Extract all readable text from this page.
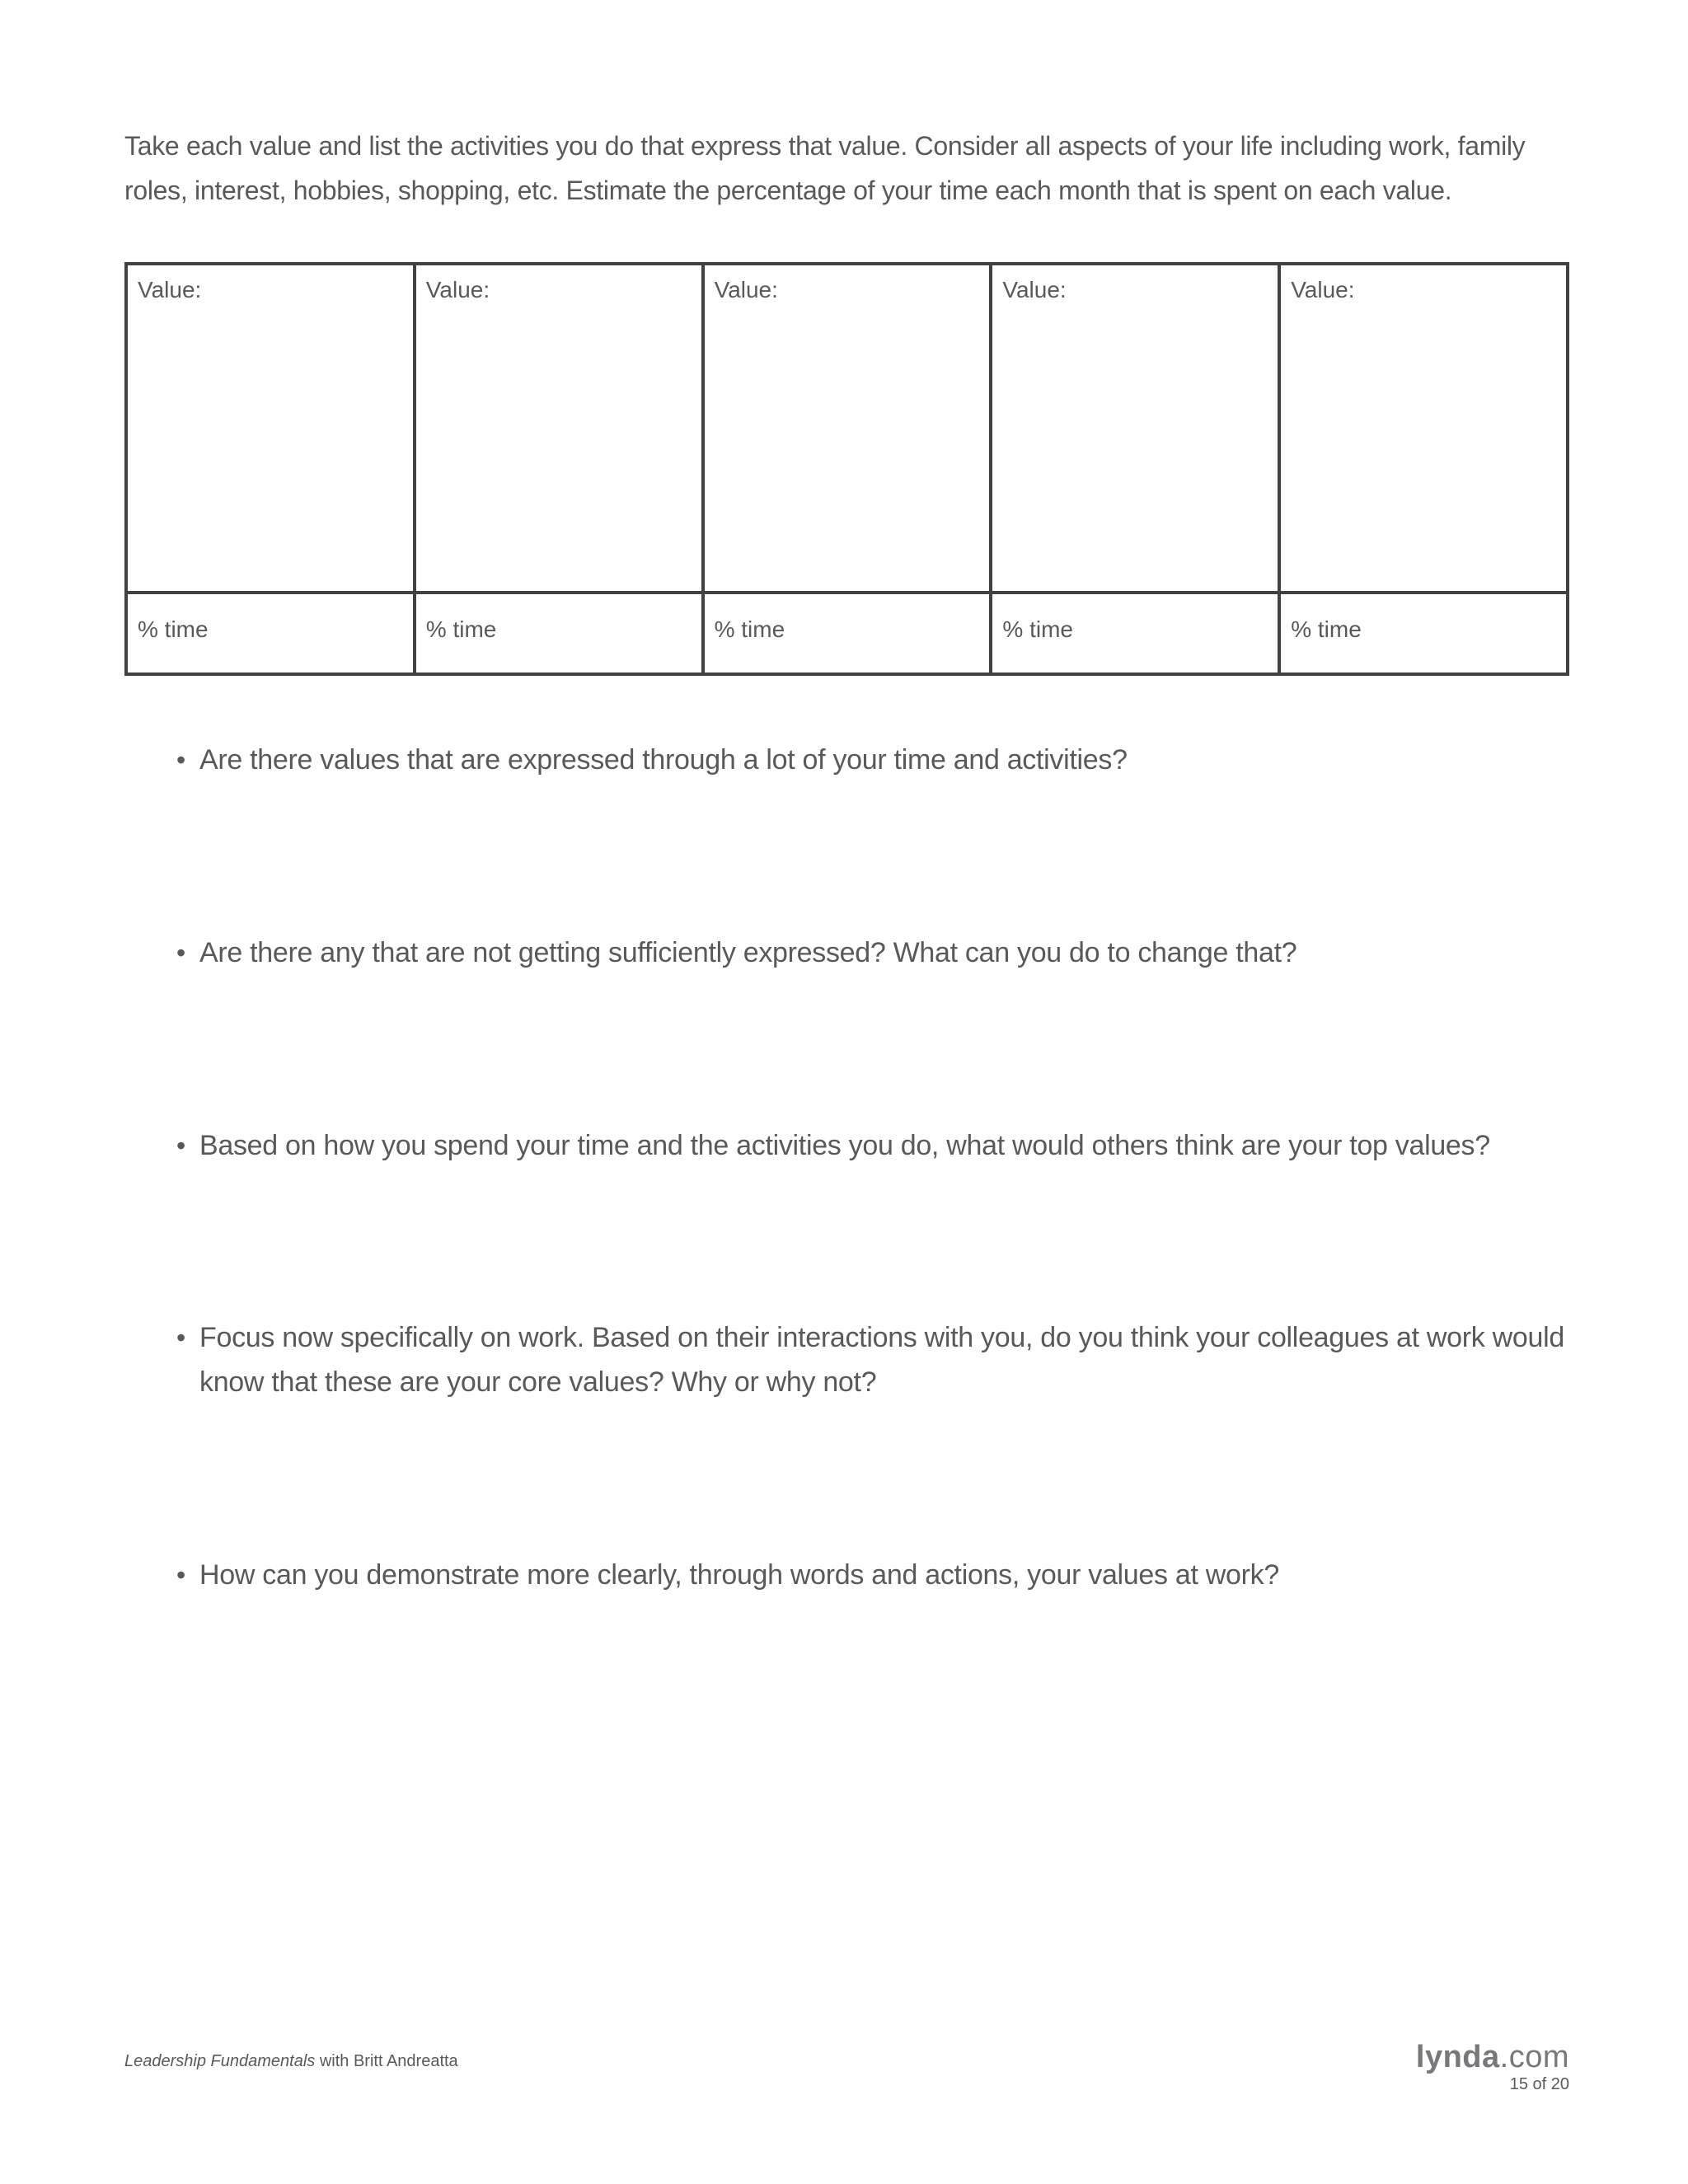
Take each value and list the activities you do that express that value. Consider all aspects of your life including work, family roles, interest, hobbies, shopping, etc. Estimate the percentage of your time each month that is spent on each value.

Value:	Value:	Value:	Value:	Value:
% time	% time	% time	% time	% time
• Are there values that are expressed through a lot of your time and activities?
• Are there any that are not getting sufficiently expressed? What can you do to change that?
• Based on how you spend your time and the activities you do, what would others think are your top values?
• Focus now specifically on work. Based on their interactions with you, do you think your colleagues at work would know that these are your core values? Why or why not?
• How can you demonstrate more clearly, through words and actions, your values at work?
Leadership Fundamentals with Britt Andreatta	lynda.com
15 of 20
